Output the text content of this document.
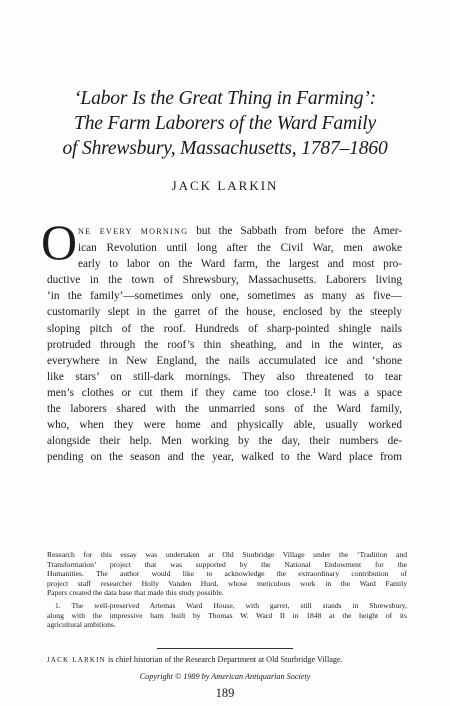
‘Labor Is the Great Thing in Farming’:
The Farm Laborers of the Ward Family
of Shrewsbury, Massachusetts, 1787–1860
JACK LARKIN
O NE EVERY MORNING but the Sabbath from before the Amer-
ican Revolution until long after the Civil War, men awoke
early to labor on the Ward farm, the largest and most pro-
ductive in the town of Shrewsbury, Massachusetts. Laborers living
‘in the family’—sometimes only one, sometimes as many as five—
customarily slept in the garret of the house, enclosed by the steeply
sloping pitch of the roof. Hundreds of sharp-pointed shingle nails
protruded through the roof’s thin sheathing, and in the winter, as
everywhere in New England, the nails accumulated ice and ‘shone
like stars’ on still-dark mornings. They also threatened to tear
men’s clothes or cut them if they came too close.¹ It was a space
the laborers shared with the unmarried sons of the Ward family,
who, when they were home and physically able, usually worked
alongside their help. Men working by the day, their numbers de-
pending on the season and the year, walked to the Ward place from
Research for this essay was undertaken at Old Sturbridge Village under the ‘Tradition and
Transformation’ project that was supported by the National Endowment for the
Humanities. The author would like to acknowledge the extraordinary contribution of
project staff researcher Holly Vanden Hurd, whose meticulous work in the Ward Family
Papers created the data base that made this study possible.
1. The well-preserved Artemas Ward House, with garret, still stands in Shrewsbury,
along with the impressive barn built by Thomas W. Ward II in 1848 at the height of its
agricultural ambitions.
JACK LARKIN is chief historian of the Research Department at Old Sturbridge Village.
Copyright © 1989 by American Antiquarian Society
189
